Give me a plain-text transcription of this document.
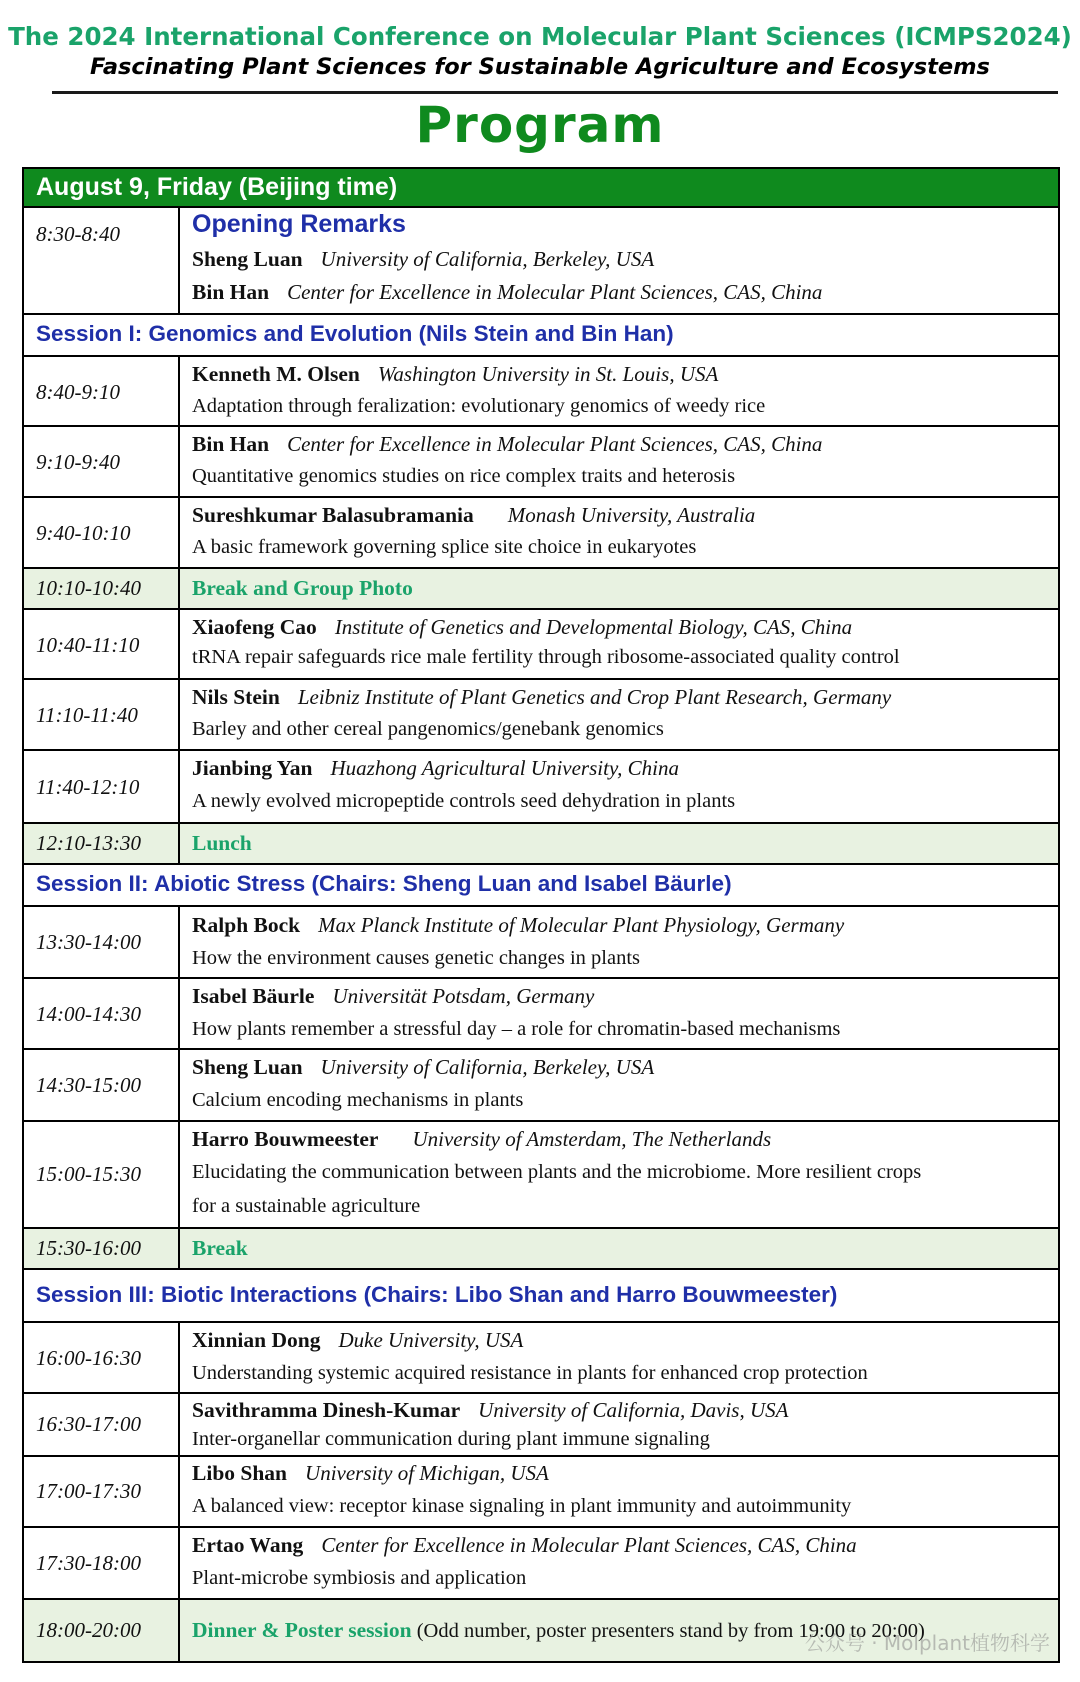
The 2024 International Conference on Molecular Plant Sciences (ICMPS2024)
Fascinating Plant Sciences for Sustainable Agriculture and Ecosystems
Program
August 9, Friday (Beijing time)
8:30-8:40	Opening Remarks
Sheng Luan University of California, Berkeley, USA
Bin Han Center for Excellence in Molecular Plant Sciences, CAS, China
Session I: Genomics and Evolution (Nils Stein and Bin Han)
8:40-9:10
Kenneth M. Olsen Washington University in St. Louis, USA
Adaptation through feralization: evolutionary genomics of weedy rice
9:10-9:40
Bin Han Center for Excellence in Molecular Plant Sciences, CAS, China
Quantitative genomics studies on rice complex traits and heterosis
9:40-10:10
Sureshkumar Balasubramania Monash University, Australia
A basic framework governing splice site choice in eukaryotes
10:10-10:40 Break and Group Photo
10:40-11:10
Xiaofeng Cao Institute of Genetics and Developmental Biology, CAS, China
tRNA repair safeguards rice male fertility through ribosome-associated quality control
11:10-11:40
Nils Stein Leibniz Institute of Plant Genetics and Crop Plant Research, Germany
Barley and other cereal pangenomics/genebank genomics
11:40-12:10
Jianbing Yan Huazhong Agricultural University, China
A newly evolved micropeptide controls seed dehydration in plants
12:10-13:30 Lunch
Session II: Abiotic Stress (Chairs: Sheng Luan and Isabel Bäurle)
13:30-14:00
Ralph Bock Max Planck Institute of Molecular Plant Physiology, Germany
How the environment causes genetic changes in plants
14:00-14:30
Isabel Bäurle Universität Potsdam, Germany
How plants remember a stressful day – a role for chromatin-based mechanisms
14:30-15:00
Sheng Luan University of California, Berkeley, USA
Calcium encoding mechanisms in plants
15:00-15:30
Harro Bouwmeester University of Amsterdam, The Netherlands
Elucidating the communication between plants and the microbiome. More resilient crops
for a sustainable agriculture
15:30-16:00 Break
Session III: Biotic Interactions (Chairs: Libo Shan and Harro Bouwmeester)
16:00-16:30
Xinnian Dong Duke University, USA
Understanding systemic acquired resistance in plants for enhanced crop protection
16:30-17:00
Savithramma Dinesh-Kumar University of California, Davis, USA
Inter-organellar communication during plant immune signaling
17:00-17:30
Libo Shan University of Michigan, USA
A balanced view: receptor kinase signaling in plant immunity and autoimmunity
17:30-18:00
Ertao Wang Center for Excellence in Molecular Plant Sciences, CAS, China
Plant-microbe symbiosis and application
18:00-20:00 Dinner & Poster session (Odd number, poster presenters stand by from 19:00 to 20:00)
公众号 · Molplant植物科学
